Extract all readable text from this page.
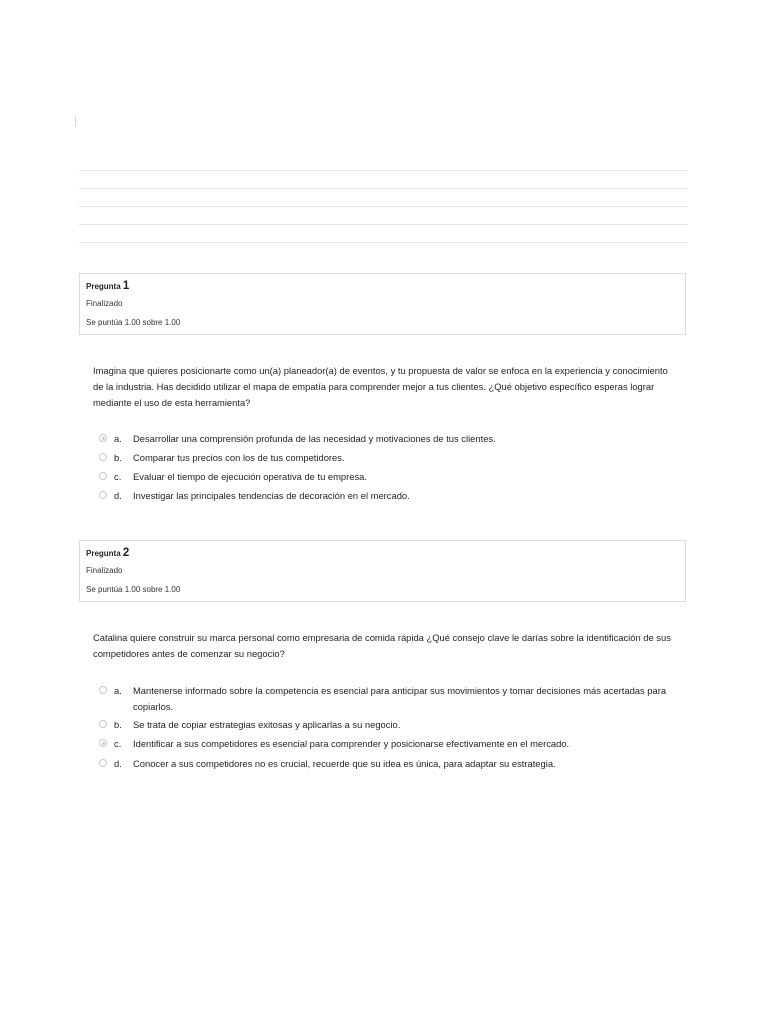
Pregunta 1
Finalizado
Se puntúa 1.00 sobre 1.00
Imagina que quieres posicionarte como un(a) planeador(a) de eventos, y tu propuesta de valor se enfoca en la experiencia y conocimiento de la industria. Has decidido utilizar el mapa de empatía para comprender mejor a tus clientes. ¿Qué objetivo específico esperas lograr mediante el uso de esta herramienta?
a. Desarrollar una comprensión profunda de las necesidad y motivaciones de tus clientes.
b. Comparar tus precios con los de tus competidores.
c. Evaluar el tiempo de ejecución operativa de tu empresa.
d. Investigar las principales tendencias de decoración en el mercado.
Pregunta 2
Finalizado
Se puntúa 1.00 sobre 1.00
Catalina quiere construir su marca personal como empresaria de comida rápida ¿Qué consejo clave le darías sobre la identificación de sus competidores antes de comenzar su negocio?
a. Mantenerse informado sobre la competencia es esencial para anticipar sus movimientos y tomar decisiones más acertadas para copiarlos.
b. Se trata de copiar estrategias exitosas y aplicarlas a su negocio.
c. Identificar a sus competidores es esencial para comprender y posicionarse efectivamente en el mercado.
d. Conocer a sus competidores no es crucial, recuerde que su idea es única, para adaptar su estrategia.
